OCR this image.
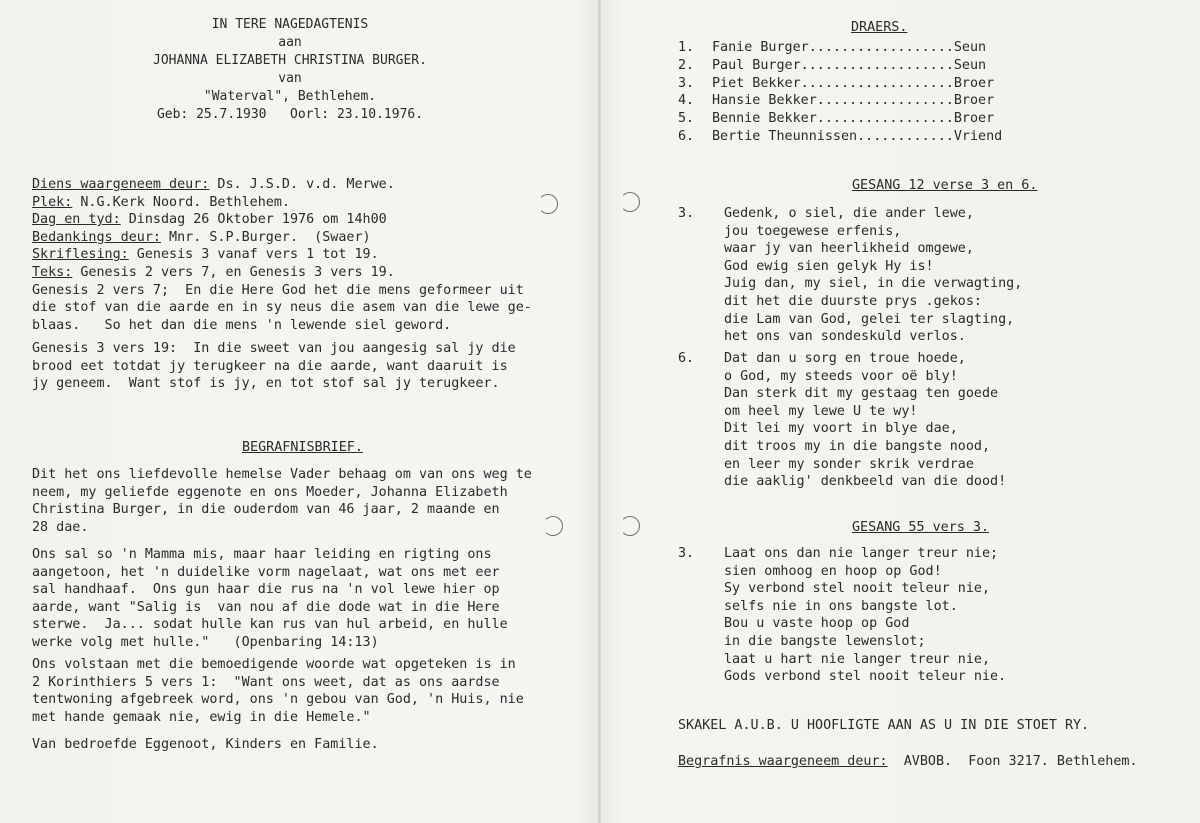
IN TERE NAGEDAGTENIS
aan
JOHANNA ELIZABETH CHRISTINA BURGER.
van
"Waterval", Bethlehem.
Geb: 25.7.1930   Oorl: 23.10.1976.
Diens waargeneem deur: Ds. J.S.D. v.d. Merwe.
Plek: N.G.Kerk Noord. Bethlehem.
Dag en tyd: Dinsdag 26 Oktober 1976 om 14h00
Bedankings deur: Mnr. S.P.Burger.  (Swaer)
Skriflesing: Genesis 3 vanaf vers 1 tot 19.
Teks: Genesis 2 vers 7, en Genesis 3 vers 19.
Genesis 2 vers 7;  En die Here God het die mens geformeer uit
die stof van die aarde en in sy neus die asem van die lewe ge-
blaas.   So het dan die mens 'n lewende siel geword.
Genesis 3 vers 19:  In die sweet van jou aangesig sal jy die
brood eet totdat jy terugkeer na die aarde, want daaruit is
jy geneem.  Want stof is jy, en tot stof sal jy terugkeer.
BEGRAFNISBRIEF.
Dit het ons liefdevolle hemelse Vader behaag om van ons weg te
neem, my geliefde eggenote en ons Moeder, Johanna Elizabeth
Christina Burger, in die ouderdom van 46 jaar, 2 maande en
28 dae.
Ons sal so 'n Mamma mis, maar haar leiding en rigting ons
aangetoon, het 'n duidelike vorm nagelaat, wat ons met eer
sal handhaaf.  Ons gun haar die rus na 'n vol lewe hier op
aarde, want "Salig is  van nou af die dode wat in die Here
sterwe.  Ja... sodat hulle kan rus van hul arbeid, en hulle
werke volg met hulle."   (Openbaring 14:13)
Ons volstaan met die bemoedigende woorde wat opgeteken is in
2 Korinthiers 5 vers 1:  "Want ons weet, dat as ons aardse
tentwoning afgebreek word, ons 'n gebou van God, 'n Huis, nie
met hande gemaak nie, ewig in die Hemele."
Van bedroefde Eggenoot, Kinders en Familie.
DRAERS.
1.	Fanie Burger..................Seun
2.	Paul Burger...................Seun
3.	Piet Bekker...................Broer
4.	Hansie Bekker.................Broer
5.	Bennie Bekker.................Broer
6.	Bertie Theunnissen............Vriend
GESANG 12 verse 3 en 6.
3.	Gedenk, o siel, die ander lewe,
jou toegewese erfenis,
waar jy van heerlikheid omgewe,
God ewig sien gelyk Hy is!
Juig dan, my siel, in die verwagting,
dit het die duurste prys .gekos:
die Lam van God, gelei ter slagting,
het ons van sondeskuld verlos.
6.	Dat dan u sorg en troue hoede,
o God, my steeds voor oë bly!
Dan sterk dit my gestaag ten goede
om heel my lewe U te wy!
Dit lei my voort in blye dae,
dit troos my in die bangste nood,
en leer my sonder skrik verdrae
die aaklig' denkbeeld van die dood!
GESANG 55 vers 3.
3.	Laat ons dan nie langer treur nie;
sien omhoog en hoop op God!
Sy verbond stel nooit teleur nie,
selfs nie in ons bangste lot.
Bou u vaste hoop op God
in die bangste lewenslot;
laat u hart nie langer treur nie,
Gods verbond stel nooit teleur nie.
SKAKEL A.U.B. U HOOFLIGTE AAN AS U IN DIE STOET RY.
Begrafnis waargeneem deur:  AVBOB.  Foon 3217. Bethlehem.
